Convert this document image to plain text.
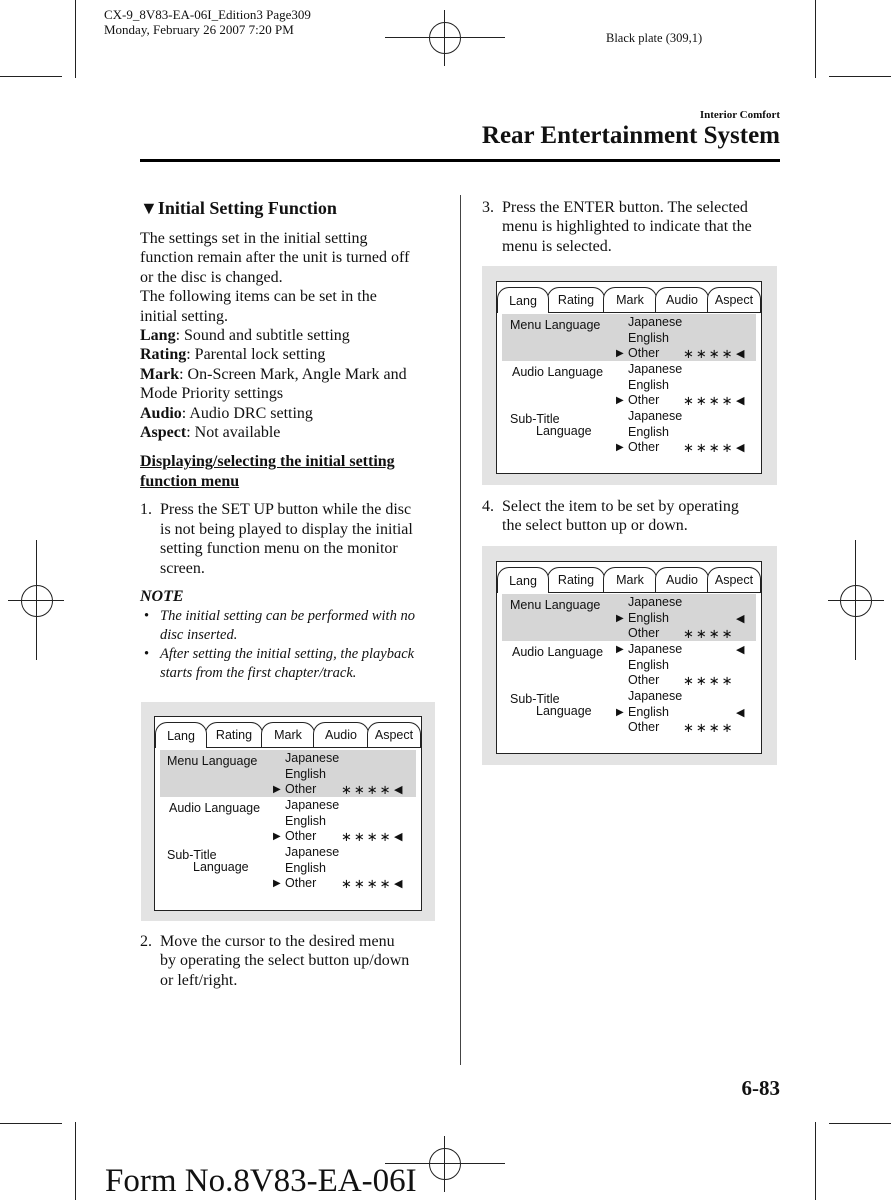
CX-9_8V83-EA-06I_Edition3 Page309
Monday, February 26 2007 7:20 PM
Black plate (309,1)
Interior Comfort
Rear Entertainment System

▼Initial Setting Function

The settings set in the initial setting

function remain after the unit is turned off

or the disc is changed.

The following items can be set in the

initial setting.

Lang: Sound and subtitle setting

Rating: Parental lock setting

Mark: On-Screen Mark, Angle Mark and

Mode Priority settings

Audio: Audio DRC setting

Aspect: Not available

Displaying/selecting the initial setting

function menu

1. Press the SET UP button while the disc

is not being played to display the initial

setting function menu on the monitor

screen.

NOTE

• The initial setting can be performed with no

disc inserted.

• After setting the initial setting, the playback

starts from the first chapter/track.

2. Move the cursor to the desired menu

by operating the select button up/down

or left/right.

3. Press the ENTER button. The selected

menu is highlighted to indicate that the

menu is selected.

4. Select the item to be set by operating

the select button up or down.

Lang	Rating	Mark	Audio	Aspect
Menu Language Japanese
English
▶ Other ∗∗∗∗ ◀
Audio Language Japanese
English
▶ Other ∗∗∗∗ ◀
Sub-Title
Language
Japanese
English
▶ Other ∗∗∗∗ ◀
Lang	Rating	Mark	Audio	Aspect
Menu Language Japanese
English
▶ Other ∗∗∗∗ ◀
Audio Language Japanese
English
▶ Other ∗∗∗∗ ◀
Sub-Title
Language
Japanese
English
▶ Other ∗∗∗∗ ◀
Lang	Rating	Mark	Audio	Aspect
Menu Language Japanese
▶ English	◀
Other ∗∗∗∗
Audio Language ▶ Japanese	◀
English
Other ∗∗∗∗
Sub-Title
Language
Japanese
▶ English	◀
Other ∗∗∗∗
6-83
Form No.8V83-EA-06I
